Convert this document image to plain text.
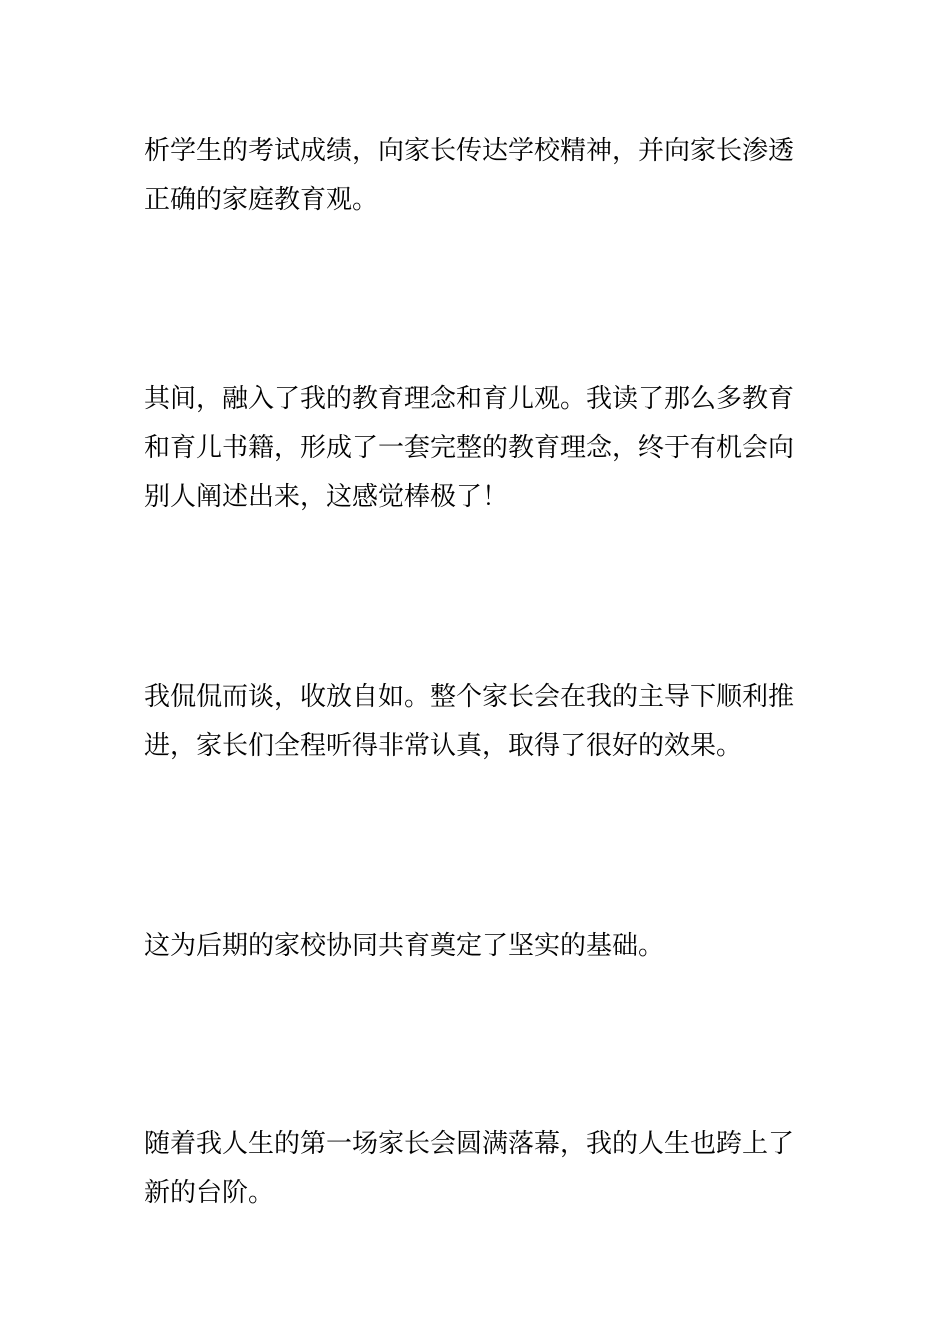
析学生的考试成绩，向家长传达学校精神，并向家长渗透正确的家庭教育观。

其间，融入了我的教育理念和育儿观。我读了那么多教育和育儿书籍，形成了一套完整的教育理念，终于有机会向别人阐述出来，这感觉棒极了！

我侃侃而谈，收放自如。整个家长会在我的主导下顺利推进，家长们全程听得非常认真，取得了很好的效果。

这为后期的家校协同共育奠定了坚实的基础。

随着我人生的第一场家长会圆满落幕，我的人生也跨上了新的台阶。
